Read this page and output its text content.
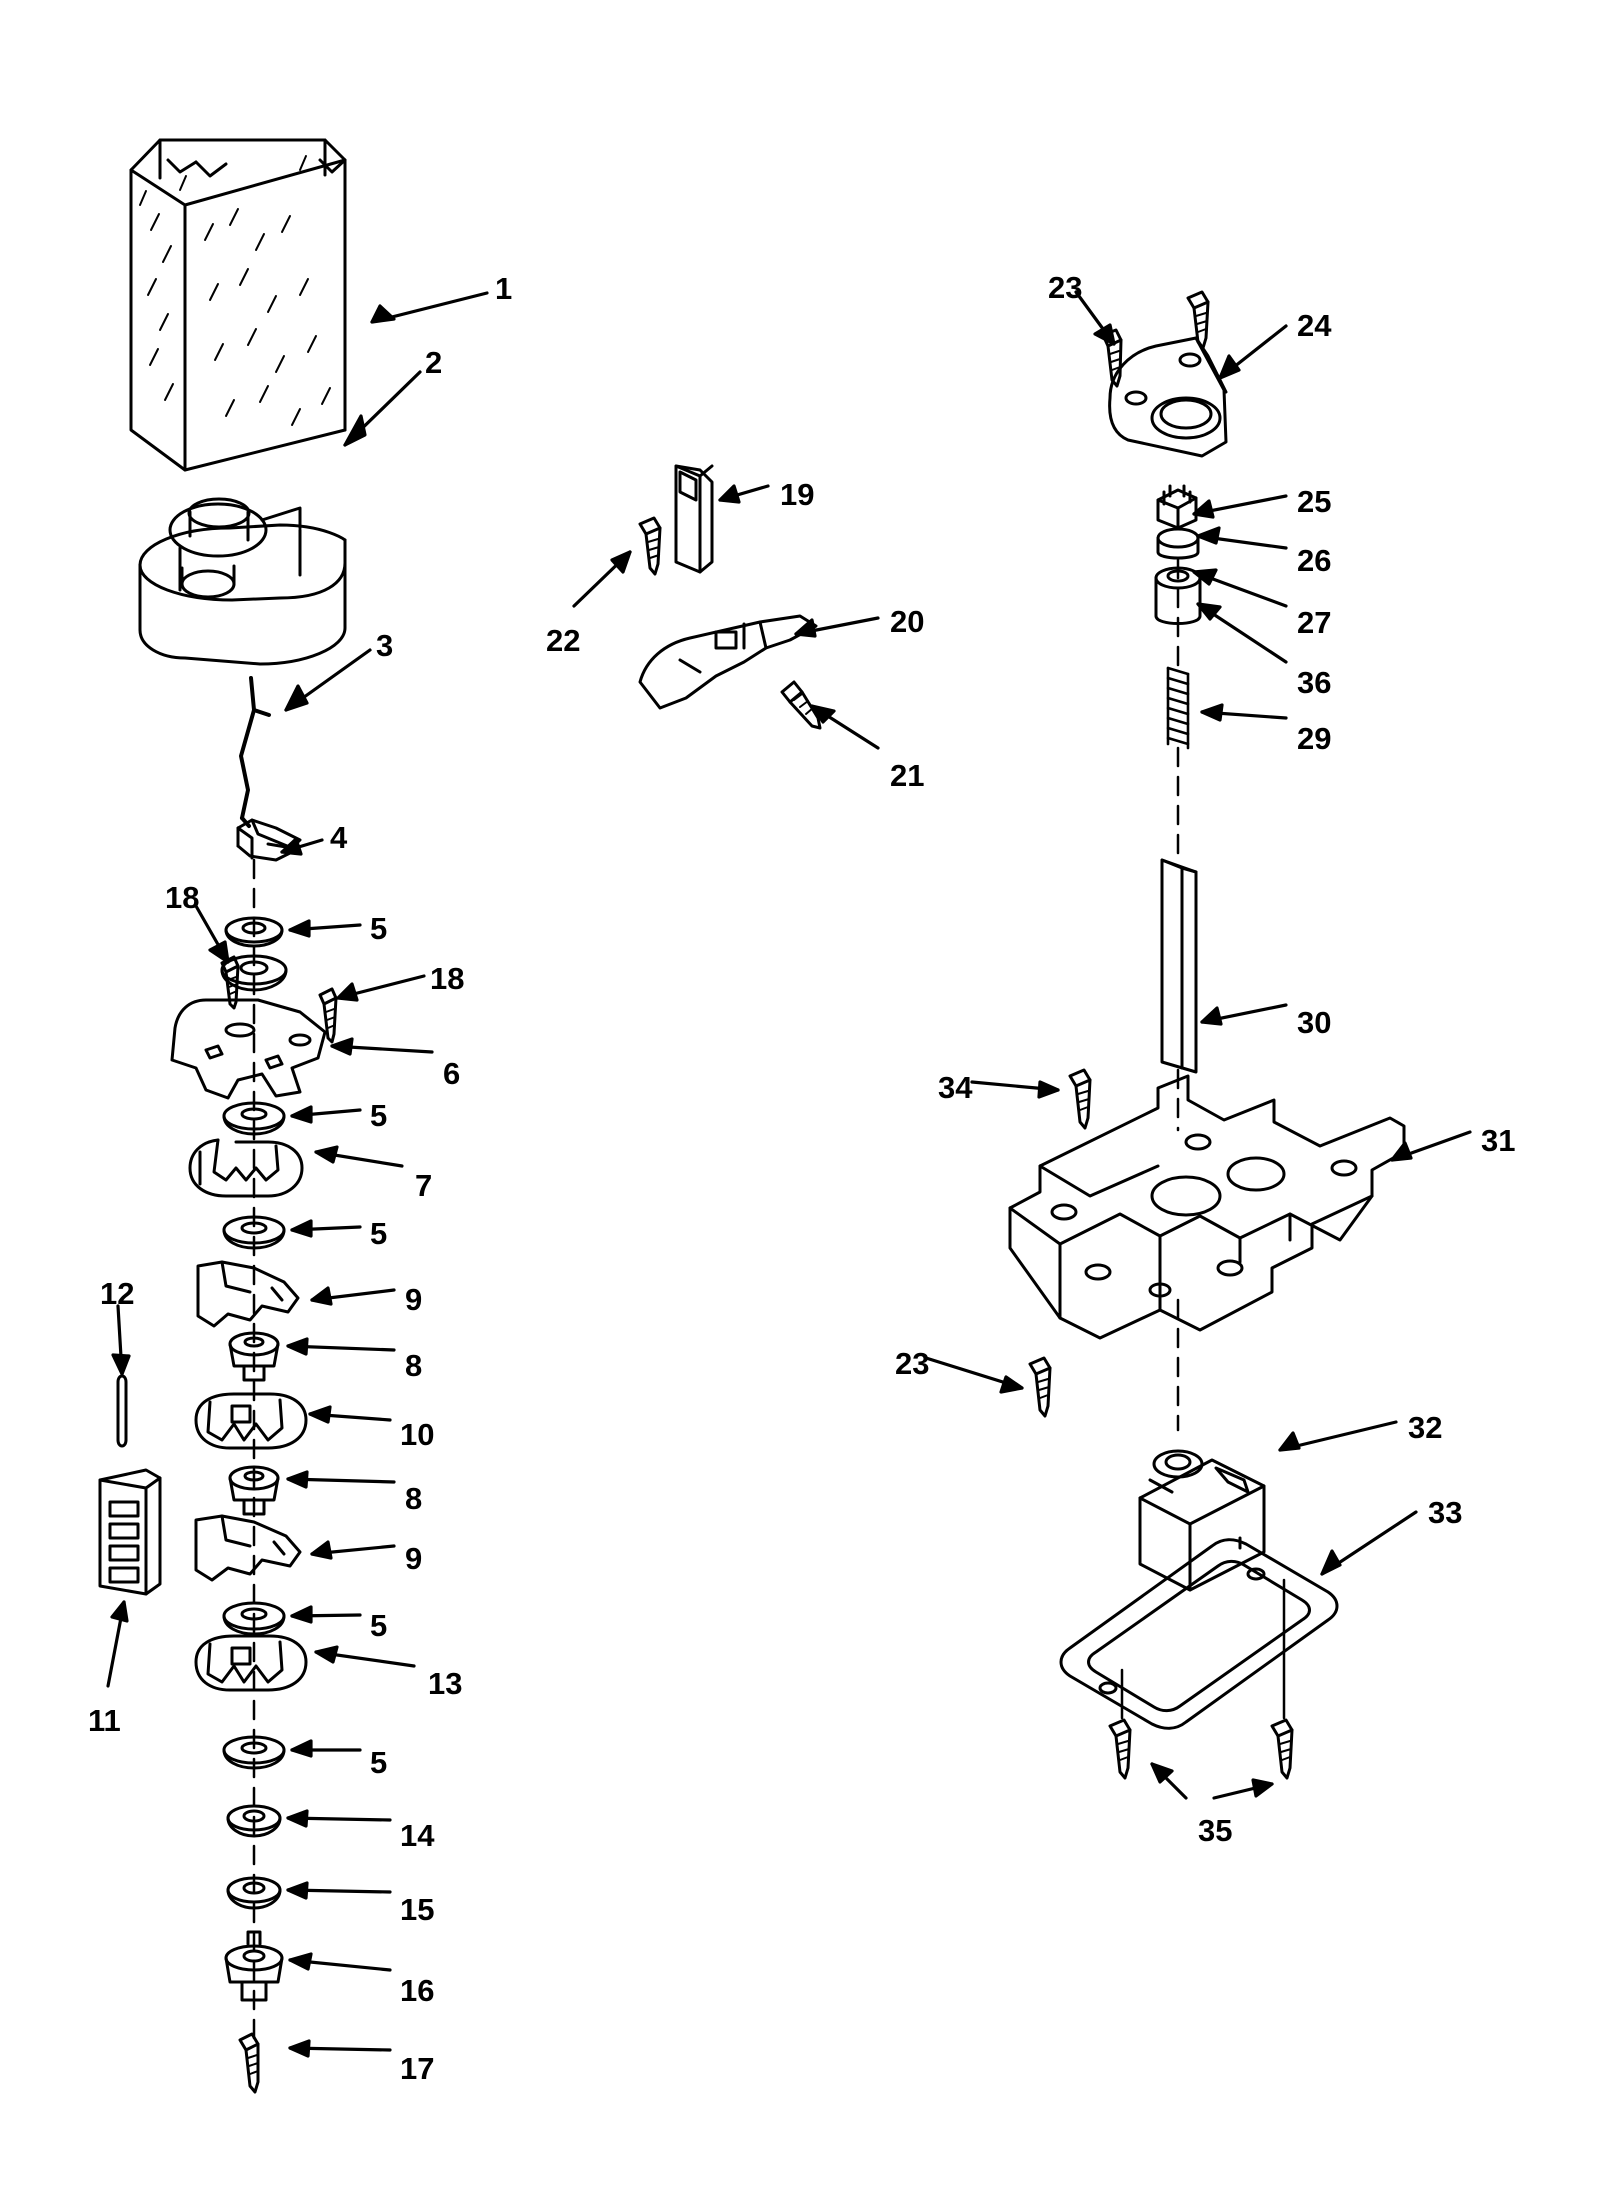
1
2
3
4
5
18
18
6
5
7
5
9
8
10
8
9
5
13
5
14
15
16
17
12
11
19
22
20
21
23
24
25
26
27
36
29
30
34
31
23
32
33
35
